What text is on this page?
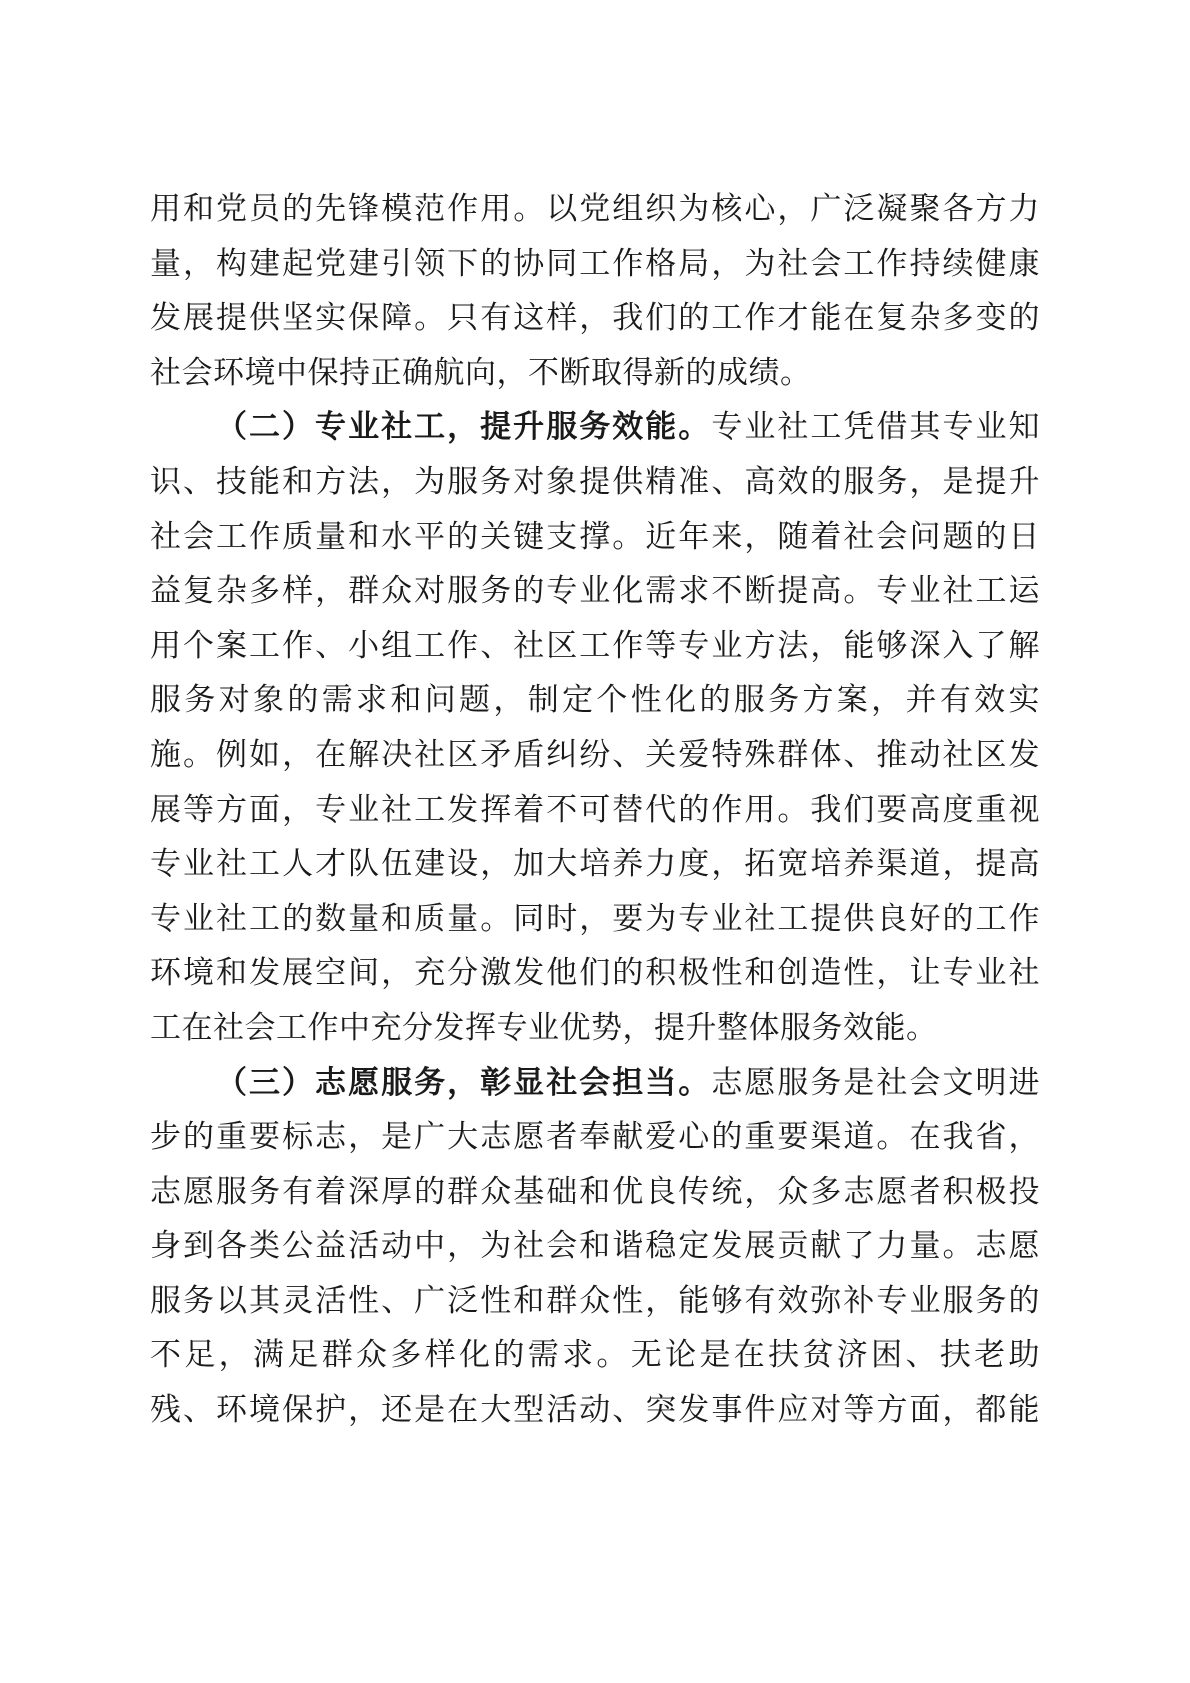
用和党员的先锋模范作用。以党组织为核心，广泛凝聚各方力
量，构建起党建引领下的协同工作格局，为社会工作持续健康
发展提供坚实保障。只有这样，我们的工作才能在复杂多变的
社会环境中保持正确航向，不断取得新的成绩。
（二）专业社工，提升服务效能。专业社工凭借其专业知
识、技能和方法，为服务对象提供精准、高效的服务，是提升
社会工作质量和水平的关键支撑。近年来，随着社会问题的日
益复杂多样，群众对服务的专业化需求不断提高。专业社工运
用个案工作、小组工作、社区工作等专业方法，能够深入了解
服务对象的需求和问题，制定个性化的服务方案，并有效实
施。例如，在解决社区矛盾纠纷、关爱特殊群体、推动社区发
展等方面，专业社工发挥着不可替代的作用。我们要高度重视
专业社工人才队伍建设，加大培养力度，拓宽培养渠道，提高
专业社工的数量和质量。同时，要为专业社工提供良好的工作
环境和发展空间，充分激发他们的积极性和创造性，让专业社
工在社会工作中充分发挥专业优势，提升整体服务效能。
（三）志愿服务，彰显社会担当。志愿服务是社会文明进
步的重要标志，是广大志愿者奉献爱心的重要渠道。在我省，
志愿服务有着深厚的群众基础和优良传统，众多志愿者积极投
身到各类公益活动中，为社会和谐稳定发展贡献了力量。志愿
服务以其灵活性、广泛性和群众性，能够有效弥补专业服务的
不足，满足群众多样化的需求。无论是在扶贫济困、扶老助
残、环境保护，还是在大型活动、突发事件应对等方面，都能
